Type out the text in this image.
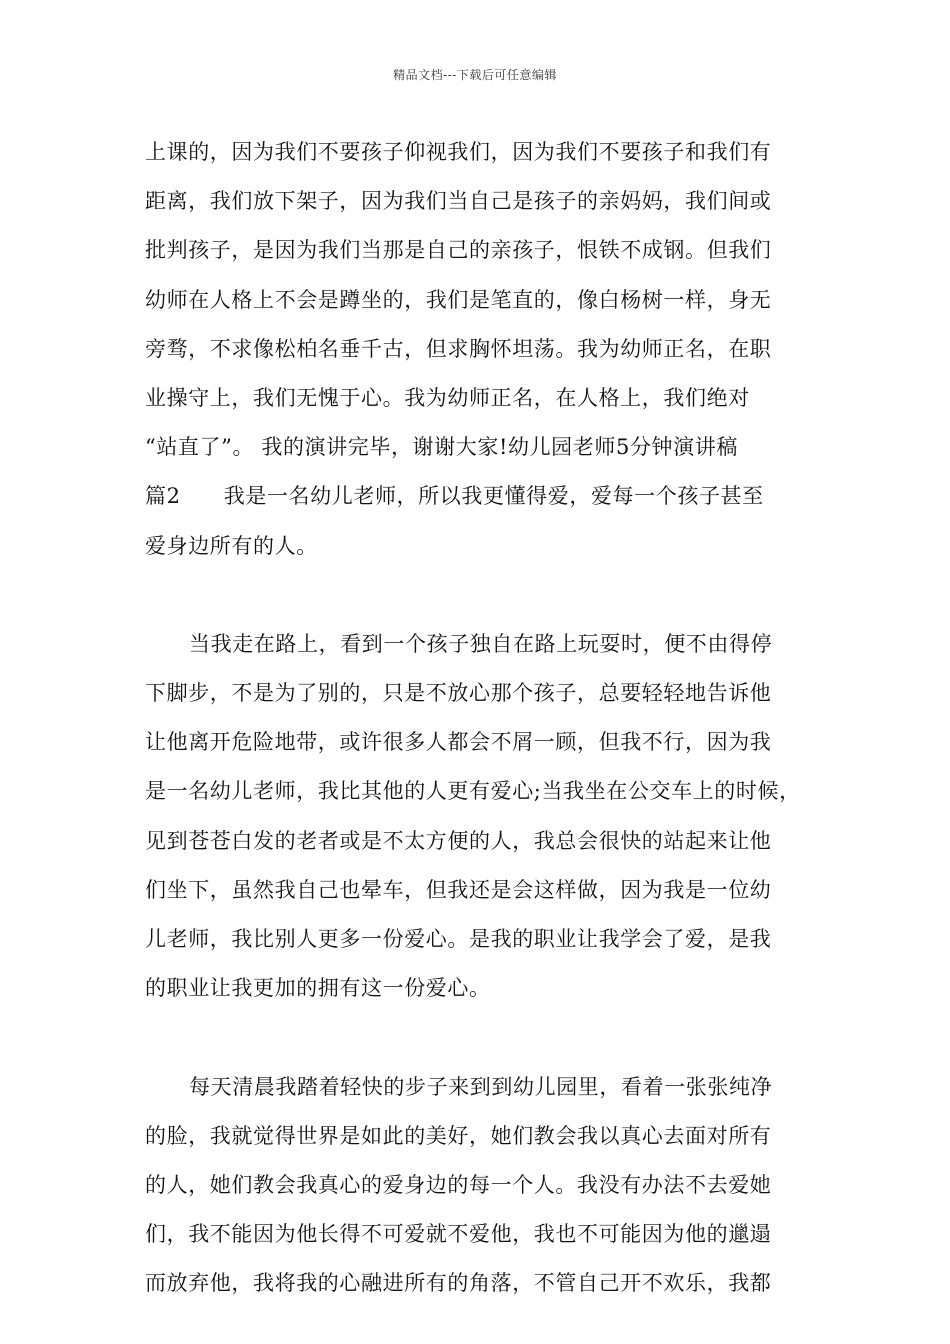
精品文档---下载后可任意编辑
上课的，因为我们不要孩子仰视我们，因为我们不要孩子和我们有
距离，我们放下架子，因为我们当自己是孩子的亲妈妈，我们间或
批判孩子，是因为我们当那是自己的亲孩子，恨铁不成钢。但我们
幼师在人格上不会是蹲坐的，我们是笔直的，像白杨树一样，身无
旁骛，不求像松柏名垂千古，但求胸怀坦荡。我为幼师正名，在职
业操守上，我们无愧于心。我为幼师正名，在人格上，我们绝对
“站直了”。 我的演讲完毕，谢谢大家!幼儿园老师5分钟演讲稿
篇2　　我是一名幼儿老师，所以我更懂得爱，爱每一个孩子甚至
爱身边所有的人。
当我走在路上，看到一个孩子独自在路上玩耍时，便不由得停
下脚步，不是为了别的，只是不放心那个孩子，总要轻轻地告诉他
让他离开危险地带，或许很多人都会不屑一顾，但我不行，因为我
是一名幼儿老师，我比其他的人更有爱心;当我坐在公交车上的时候，
见到苍苍白发的老者或是不太方便的人，我总会很快的站起来让他
们坐下，虽然我自己也晕车，但我还是会这样做，因为我是一位幼
儿老师，我比别人更多一份爱心。是我的职业让我学会了爱，是我
的职业让我更加的拥有这一份爱心。
每天清晨我踏着轻快的步子来到到幼儿园里，看着一张张纯净
的脸，我就觉得世界是如此的美好，她们教会我以真心去面对所有
的人，她们教会我真心的爱身边的每一个人。我没有办法不去爱她
们，我不能因为他长得不可爱就不爱他，我也不可能因为他的邋遢
而放弃他，我将我的心融进所有的角落，不管自己开不欢乐，我都
